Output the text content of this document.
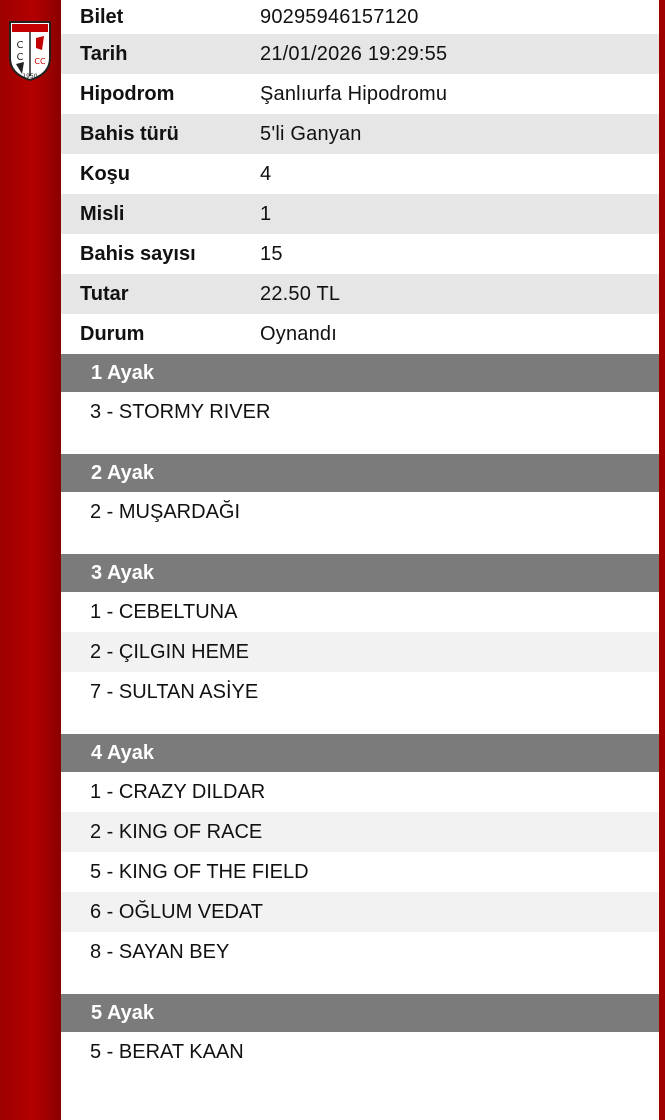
C
C CC
1950
Bilet	90295946157120
Tarih	21/01/2026 19:29:55
Hipodrom	Şanlıurfa Hipodromu
Bahis türü	5'li Ganyan
Koşu	4
Misli	1
Bahis sayısı	15
Tutar	22.50 TL
Durum	Oynandı
1 Ayak
3 - STORMY RIVER
2 Ayak
2 - MUŞARDAĞI
3 Ayak
1 - CEBELTUNA
2 - ÇILGIN HEME
7 - SULTAN ASİYE
4 Ayak
1 - CRAZY DILDAR
2 - KING OF RACE
5 - KING OF THE FIELD
6 - OĞLUM VEDAT
8 - SAYAN BEY
5 Ayak
5 - BERAT KAAN
